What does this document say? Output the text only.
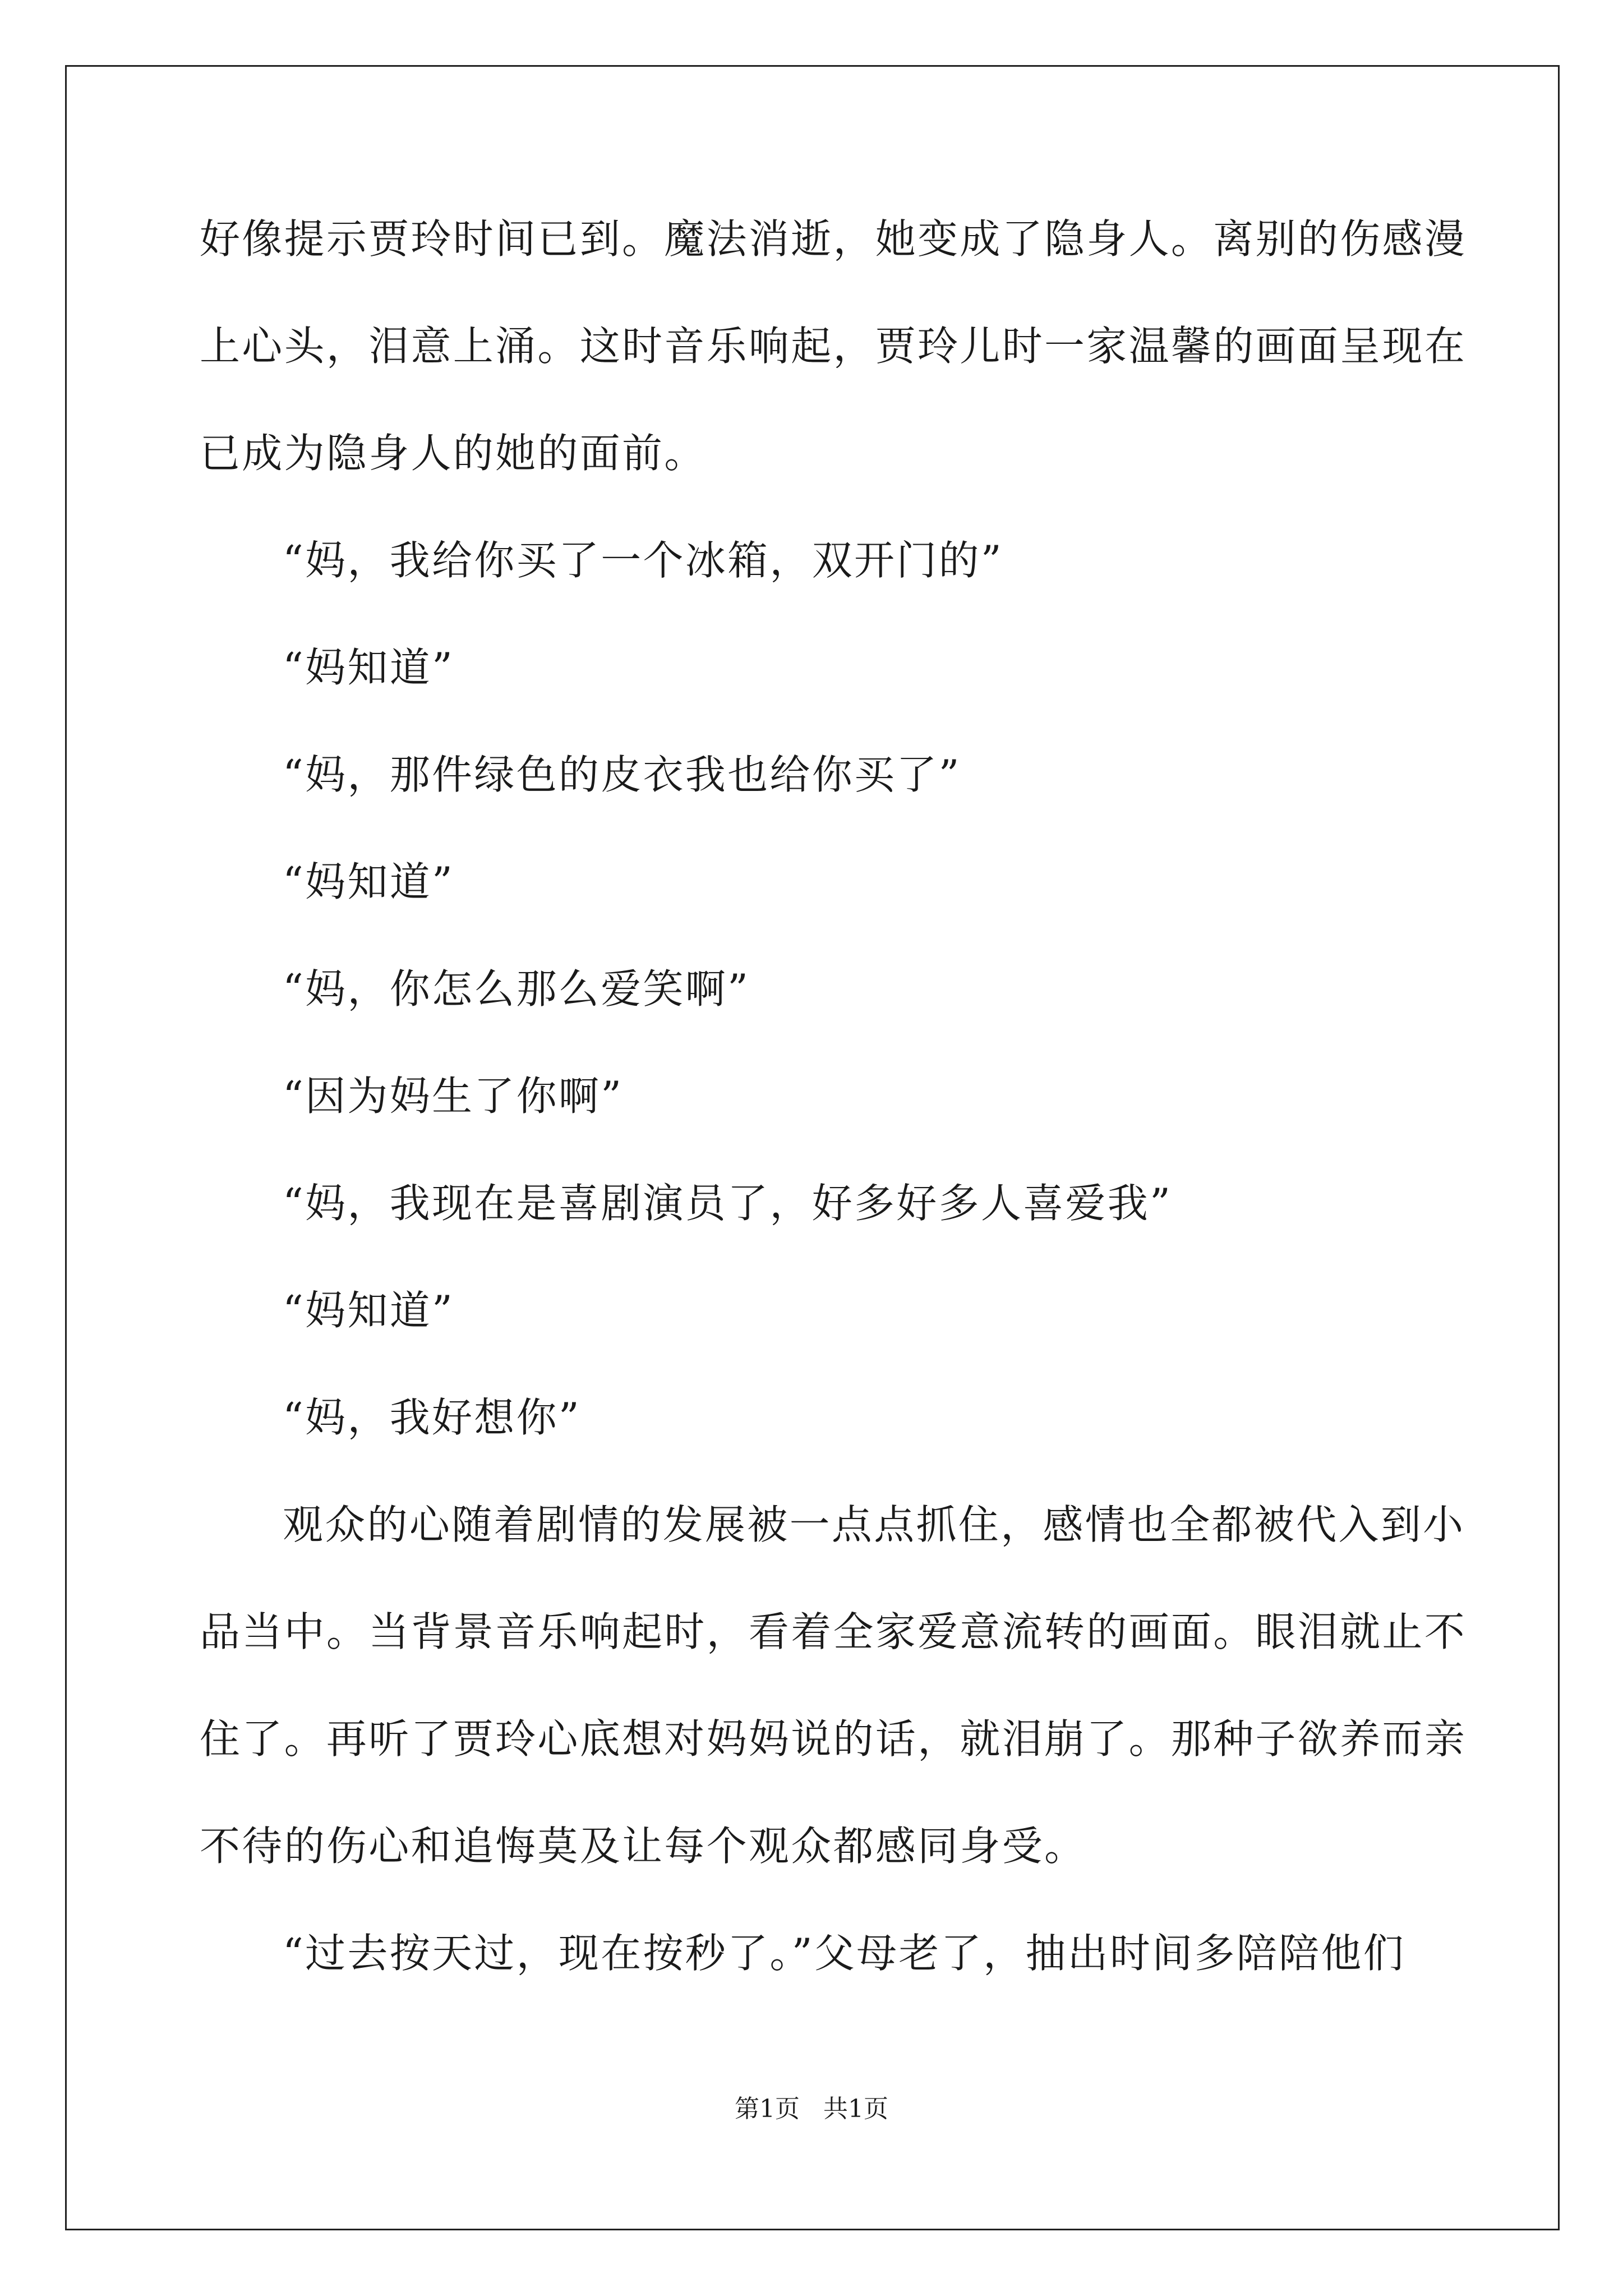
好像提示贾玲时间已到。魔法消逝，她变成了隐身人。离别的伤感漫
上心头，泪意上涌。这时音乐响起，贾玲儿时一家温馨的画面呈现在
已成为隐身人的她的面前。
“妈，我给你买了一个冰箱，双开门的”
“妈知道”
“妈，那件绿色的皮衣我也给你买了”
“妈知道”
“妈，你怎么那么爱笑啊”
“因为妈生了你啊”
“妈，我现在是喜剧演员了，好多好多人喜爱我”
“妈知道”
“妈，我好想你”
观众的心随着剧情的发展被一点点抓住，感情也全都被代入到小
品当中。当背景音乐响起时，看着全家爱意流转的画面。眼泪就止不
住了。再听了贾玲心底想对妈妈说的话，就泪崩了。那种子欲养而亲
不待的伤心和追悔莫及让每个观众都感同身受。
“过去按天过，现在按秒了。”父母老了，抽出时间多陪陪他们
第1页 共1页
